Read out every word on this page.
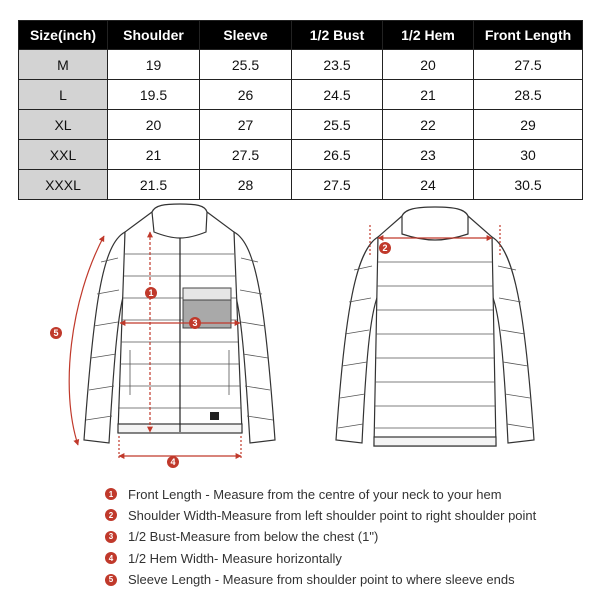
Size(inch)	Shoulder	Sleeve	1/2 Bust	1/2 Hem	Front Length
M	19	25.5	23.5	20	27.5
L	19.5	26	24.5	21	28.5
XL	20	27	25.5	22	29
XXL	21	27.5	26.5	23	30
XXXL	21.5	28	27.5	24	30.5
1
2
3
4
5
1 Front Length - Measure from the centre of your neck to your hem
2 Shoulder Width-Measure from left shoulder point to right shoulder point
3 1/2 Bust-Measure from below the chest (1")
4 1/2 Hem Width- Measure horizontally
5 Sleeve Length - Measure from shoulder point to where sleeve ends
